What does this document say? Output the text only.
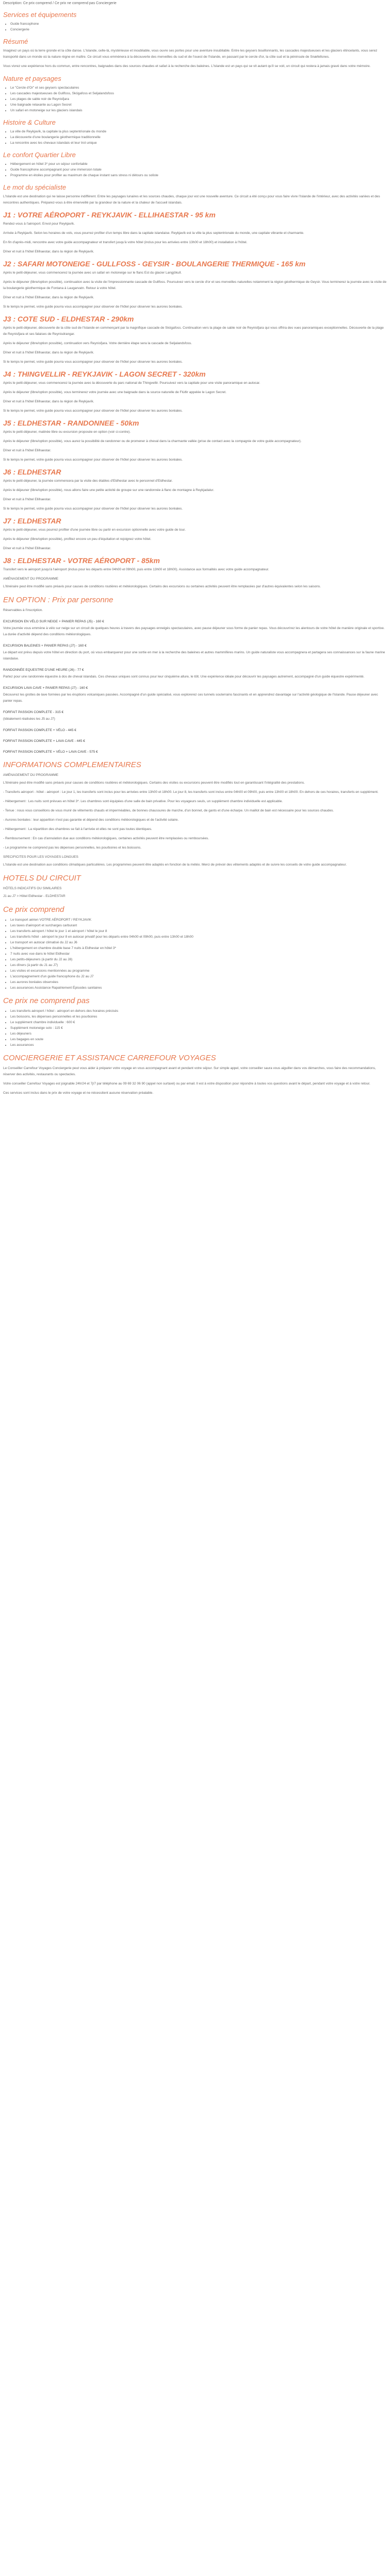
Description: Ce prix comprend / Ce prix ne comprend pas Conciergerie
Services et équipements
• Guide francophone
• Conciergerie
Résumé

Imaginez un pays où la terre gronde et la côte danse. L'Islande, celle-là, mystérieuse et inoubliable, vous ouvre ses portes pour une aventure inoubliable. Entre les geysers bouillonnants, les cascades majestueuses et les glaciers étincelants, vous serez transporté dans un monde où la nature règne en maître. Ce circuit vous emmènera à la découverte des merveilles du sud et de l'ouest de l'Islande, en passant par le cercle d'or, la côte sud et la péninsule de Snæfellsnes.

Vous vivrez une expérience hors du commun, entre rencontres, baignades dans des sources chaudes et safari à la recherche des baleines. L'Islande est un pays qui se vit autant qu'il se voit, un circuit qui restera à jamais gravé dans votre mémoire.

Nature et paysages
• Le "Cercle d'Or" et ses geysers spectaculaires
• Les cascades majestueuses de Gullfoss, Skógafoss et Seljalandsfoss
• Les plages de sable noir de Reynisfjara
• Une baignade relaxante au Lagon Secret
• Un safari en motoneige sur les glaciers islandais
Histoire & Culture
• La ville de Reykjavík, la capitale la plus septentrionale du monde
• La découverte d'une boulangerie géothermique traditionnelle
• La rencontre avec les chevaux islandais et leur trot unique
Le confort Quartier Libre
• Hébergement en hôtel 3* pour un séjour confortable
• Guide francophone accompagnant pour une immersion totale
• Programme en étoiles pour profiter au maximum de chaque instant sans stress ni détours ou soliste
Le mot du spécialiste

L'Islande est une destination qui ne laisse personne indifférent. Entre les paysages lunaires et les sources chaudes, chaque jour est une nouvelle aventure. Ce circuit a été conçu pour vous faire vivre l'Islande de l'intérieur, avec des activités variées et des rencontres authentiques. Préparez-vous à être émerveillé par la grandeur de la nature et la chaleur de l'accueil islandais.

J1 : VOTRE AÉROPORT - REYKJAVIK - ELLIHAESTAR - 95 km

Rendez-vous à l'aéroport. Envol pour Reykjavík.

Arrivée à Reykjavík. Selon les horaires de vols, vous pourrez profiter d'un temps libre dans la capitale islandaise. Reykjavík est la ville la plus septentrionale du monde, une capitale vibrante et charmante.

En fin d'après-midi, rencontre avec votre guide accompagnateur et transfert jusqu'à votre hôtel (inclus pour les arrivées entre 13h00 et 18h00) et installation à l'hôtel.

Dîner et nuit à l'hôtel Ellihaestar, dans la région de Reykjavík.

J2 : SAFARI MOTONEIGE - GULLFOSS - GEYSIR - BOULANGERIE THERMIQUE - 165 km

Après le petit-déjeuner, vous commencerez la journée avec un safari en motoneige sur le flanc Est du glacier Langjökull.

Après le déjeuner (libre/option possible), continuation avec la visite de l'impressionnante cascade de Gullfoss. Poursuivez vers le cercle d'or et ses merveilles naturelles notamment la région géothermique de Geysir. Vous terminerez la journée avec la visite de la boulangerie géothermique de Fontana à Laugarvatn. Retour à votre hôtel.

Dîner et nuit à l'hôtel Ellihaestar, dans la région de Reykjavík.

Si le temps le permet, votre guide pourra vous accompagner pour observer de l'hôtel pour observer les aurores boréales.

J3 : COTE SUD - ELDHESTAR - 290km

Après le petit-déjeuner, découverte de la côte sud de l'Islande en commençant par la magnifique cascade de Skógafoss. Continuation vers la plage de sable noir de Reynisfjara qui vous offrira des vues panoramiques exceptionnelles. Découverte de la plage de Reynisfjara et ses falaises de Reynisdrangar.

Après le déjeuner (libre/option possible), continuation vers Reynisfjara. Votre dernière étape sera la cascade de Seljalandsfoss.

Dîner et nuit à l'hôtel Ellihaestar, dans la région de Reykjavík.

Si le temps le permet, votre guide pourra vous accompagner pour observer de l'hôtel pour observer les aurores boréales.

J4 : THINGVELLIR - REYKJAVIK - LAGON SECRET - 320km

Après le petit-déjeuner, vous commencerez la journée avec la découverte du parc national de Thingvellir. Poursuivez vers la capitale pour une visite panoramique en autocar.

Après le déjeuner (libre/option possible), vous terminerez votre journée avec une baignade dans la source naturelle de Flúðir appelée le Lagon Secret.

Dîner et nuit à l'hôtel Ellihaestar, dans la région de Reykjavík.

Si le temps le permet, votre guide pourra vous accompagner pour observer de l'hôtel pour observer les aurores boréales.

J5 : ELDHESTAR - RANDONNEE - 50km

Après le petit-déjeuner, matinée libre ou excursion proposée en option (voir ci-contre).

Après le déjeuner (libre/option possible), vous aurez la possibilité de randonner ou de promener à cheval dans la charmante vallée (prise de contact avec la compagnie de votre guide accompagnateur).

Dîner et nuit à l'hôtel Ellihaestar.

Si le temps le permet, votre guide pourra vous accompagner pour observer de l'hôtel pour observer les aurores boréales.

J6 : ELDHESTAR

Après le petit-déjeuner, la journée commencera par la visite des étables d'Eldhestar avec le personnel d'Eldhestar.

Après le déjeuner (libre/option possible), nous allons faire une petite activité de groupe sur une randonnée à flanc de montagne à Reykjadalur.

Dîner et nuit à l'hôtel Ellihaestar.

Si le temps le permet, votre guide pourra vous accompagner pour observer de l'hôtel pour observer les aurores boréales.

J7 : ELDHESTAR

Après le petit-déjeuner, vous pourrez profiter d'une journée libre ou partir en excursion optionnelle avec votre guide de tour.

Après le déjeuner (libre/option possible), profitez encore un peu d'équitation et rejoignez votre hôtel.

Dîner et nuit à l'hôtel Ellihaestar.

J8 : ELDHESTAR - VOTRE AÉROPORT - 85km

Transfert vers le aéroport jusqu'à l'aéroport (inclus pour les départs entre 04h00 et 09h00, puis entre 13h00 et 18h00). Assistance aux formalités avec votre guide accompagnateur.

AMÉNAGEMENT DU PROGRAMME

L'itinéraire peut être modifié sans préavis pour causes de conditions routières et météorologiques. Certains des excursions ou certaines activités peuvent être remplacées par d'autres équivalentes selon les saisons.

EN OPTION : Prix par personne

Réservables à l'inscription.

EXCURSION EN VÉLO SUR NEIGE + PANIER REPAS (J5) - 160 €

Votre journée vous emmène à vélo sur neige sur un circuit de quelques heures à travers des paysages enneigés spectaculaires, avec pause déjeuner sous forme de panier repas. Vous découvrirez les alentours de votre hôtel de manière originale et sportive. La durée d'activité dépend des conditions météorologiques.

EXCURSION BALEINES + PANIER REPAS (J7) - 160 €

Le départ est prévu depuis votre hôtel en direction du port, où vous embarquerez pour une sortie en mer à la recherche des baleines et autres mammifères marins. Un guide naturaliste vous accompagnera et partagera ses connaissances sur la faune marine islandaise.

RANDONNÉE EQUESTRE D'UNE HEURE (J6) - 77 €

Partez pour une randonnée équestre à dos de cheval islandais. Ces chevaux uniques sont connus pour leur cinquième allure, le tölt. Une expérience idéale pour découvrir les paysages autrement, accompagné d'un guide équestre expérimenté.

EXCURSION LAVA CAVE + PANIER REPAS (J7) - 160 €

Découvrez les grottes de lave formées par les éruptions volcaniques passées. Accompagné d'un guide spécialisé, vous explorerez ces tunnels souterrains fascinants et en apprendrez davantage sur l'activité géologique de l'Islande. Pause déjeuner avec panier repas.

FORFAIT PASSION COMPLETE - 315 €

(Idéalement réalisées les J5 au J7)

FORFAIT PASSION COMPLETE + VÉLO - 445 €

FORFAIT PASSION COMPLETE + LAVA CAVE - 445 €

FORFAIT PASSION COMPLETE + VÉLO + LAVA CAVE - 575 €

INFORMATIONS COMPLEMENTAIRES
AMÉNAGEMENT DU PROGRAMME

L'itinéraire peut être modifié sans préavis pour causes de conditions routières et météorologiques. Certains des visites ou excursions peuvent être modifiés tout en garantissant l'intégralité des prestations.

- Transferts aéroport - hôtel - aéroport : Le jour 1, les transferts sont inclus pour les arrivées entre 13h00 et 18h00. Le jour 8, les transferts sont inclus entre 04h00 et 09h00, puis entre 13h00 et 18h00. En dehors de ces horaires, transferts en supplément.

- Hébergement : Les nuits sont prévues en hôtel 3*. Les chambres sont équipées d'une salle de bain privative. Pour les voyageurs seuls, un supplément chambre individuelle est applicable.

- Tenue : nous vous conseillons de vous munir de vêtements chauds et imperméables, de bonnes chaussures de marche, d'un bonnet, de gants et d'une écharpe. Un maillot de bain est nécessaire pour les sources chaudes.

- Aurores boréales : leur apparition n'est pas garantie et dépend des conditions météorologiques et de l'activité solaire.

- Hébergement : La répartition des chambres se fait à l'arrivée et elles ne sont pas toutes identiques.

- Remboursement : En cas d'annulation due aux conditions météorologiques, certaines activités peuvent être remplacées ou remboursées.

- Le programme ne comprend pas les dépenses personnelles, les pourboires et les boissons.

SPECIFICITES POUR LES VOYAGES LONGUES

L'Islande est une destination aux conditions climatiques particulières. Les programmes peuvent être adaptés en fonction de la météo. Merci de prévoir des vêtements adaptés et de suivre les conseils de votre guide accompagnateur.

HOTELS DU CIRCUIT
HÔTELS INDICATIFS OU SIMILAIRES

J1 au J7 > Hôtel Eldhestar - ELDHESTAR

Ce prix comprend
• Le transport aérien VOTRE AÉROPORT / REYKJAVIK
• Les taxes d'aéroport et surcharges carburant
• Les transferts aéroport / hôtel le jour 1 et aéroport / hôtel le jour 8
• Les transferts hôtel - aéroport le jour 8 en autocar privatif pour les départs entre 04h00 et 09h00, puis entre 13h00 et 18h00
• Le transport en autocar climatisé du J2 au J6
• L'hébergement en chambre double base 7 nuits à Eldhestar en hôtel 3*
• 7 nuits avec vue dans le hôtel Eldhestar
• Les petits-déjeuners (à partir du J2 au J8)
• Les dîners (à partir du J1 au J7)
• Les visites et excursions mentionnées au programme
• L'accompagnement d'un guide francophone du J2 au J7
• Les aurores boréales observées
• Les assurances Assistance Rapatriement Épisodes sanitaires
Ce prix ne comprend pas
• Les transferts aéroport / hôtel - aéroport en dehors des horaires précisés
• Les boissons, les dépenses personnelles et les pourboires
• Le supplément chambre individuelle : 600 €
• Supplément motoneige solo : 115 €
• Les déjeuners
• Les bagages en soute
• Les assurances
CONCIERGERIE ET ASSISTANCE CARREFOUR VOYAGES

Le Conseiller Carrefour Voyages Conciergerie peut vous aider à préparer votre voyage en vous accompagnant avant et pendant votre séjour. Sur simple appel, votre conseiller saura vous aiguiller dans vos démarches, vous faire des recommandations, réserver des activités, restaurants ou spectacles.

Votre conseiller Carrefour Voyages est joignable 24h/24 et 7j/7 par téléphone au 09 69 32 06 90 (appel non surtaxé) ou par email. Il est à votre disposition pour répondre à toutes vos questions avant le départ, pendant votre voyage et à votre retour.

Ces services sont inclus dans le prix de votre voyage et ne nécessitent aucune réservation préalable.
